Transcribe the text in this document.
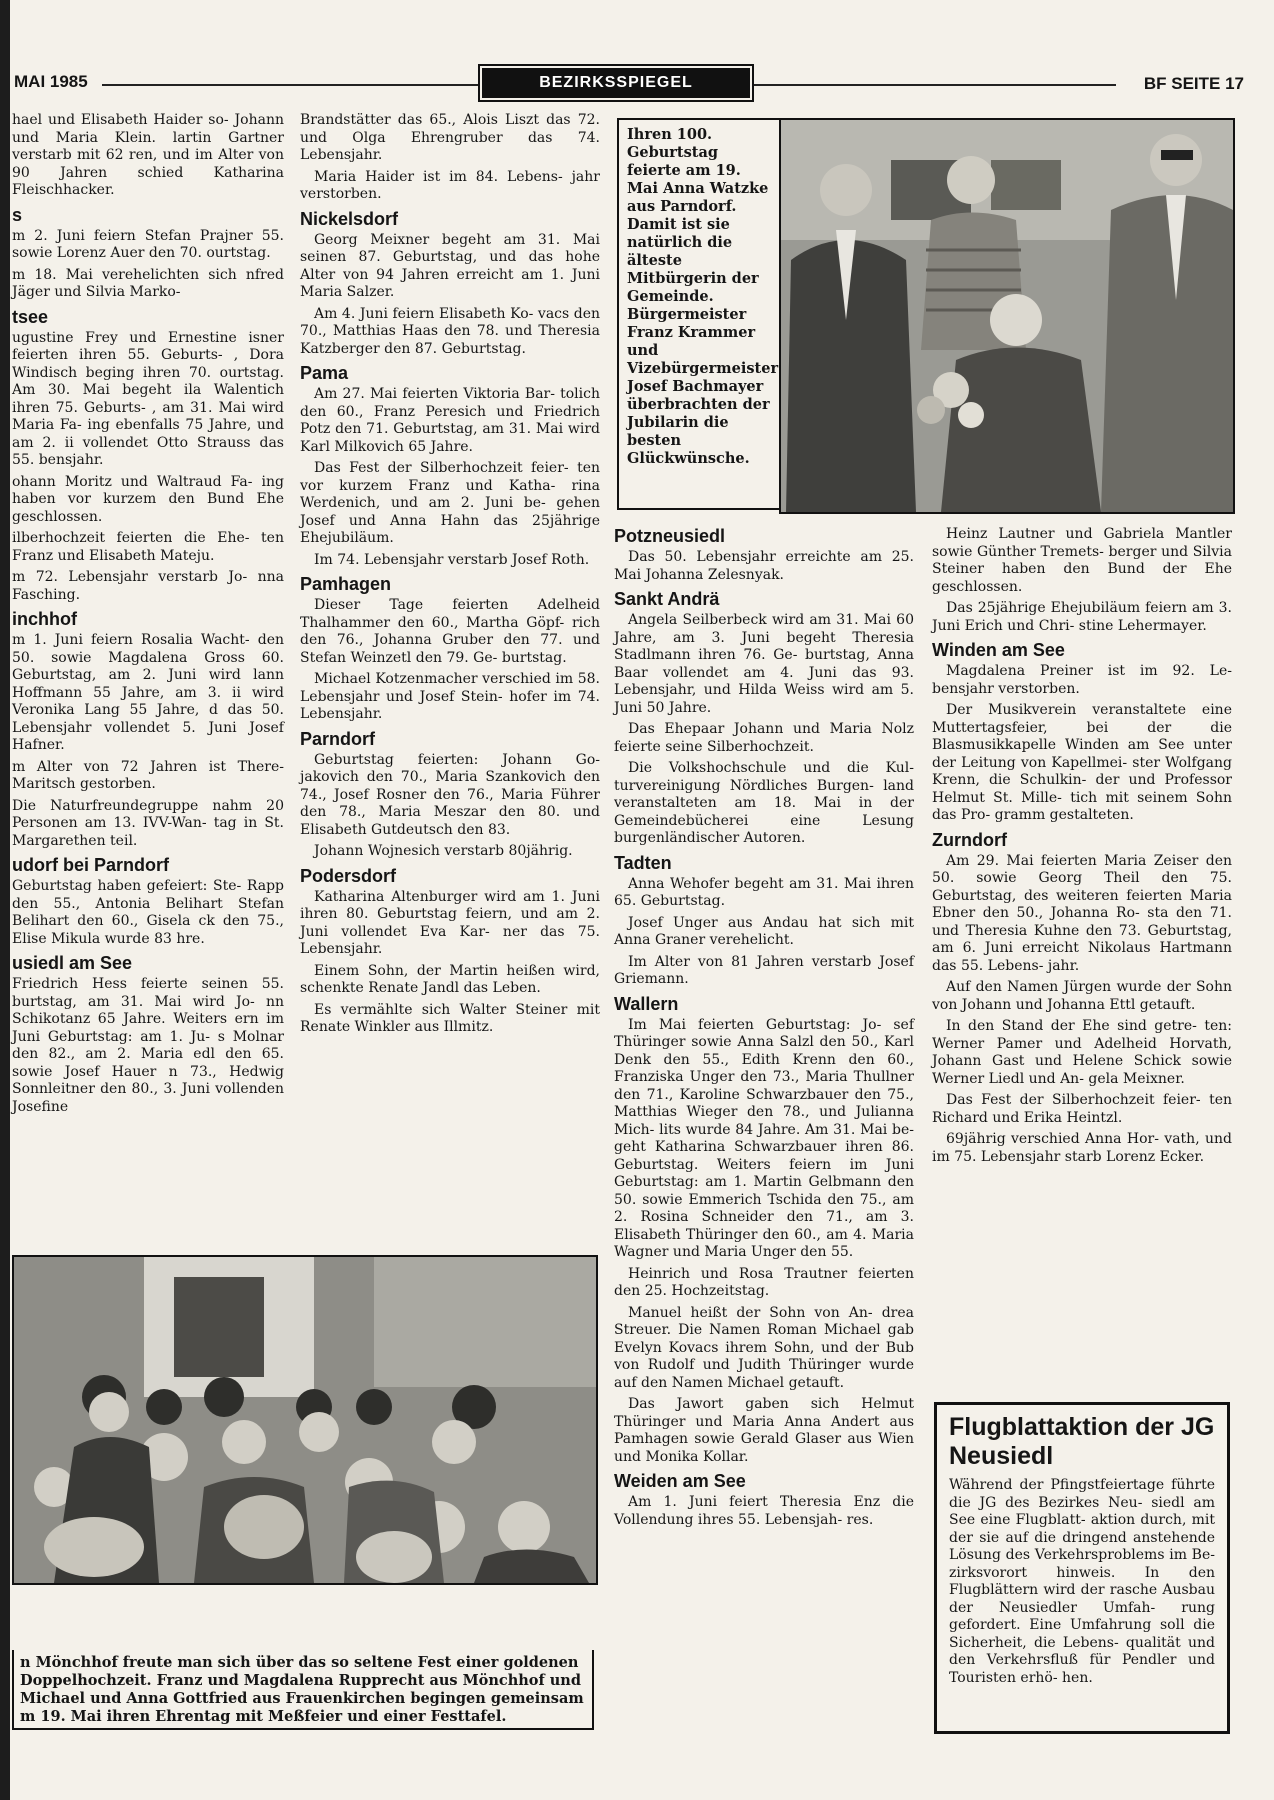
MAI 1985	BEZIRKSSPIEGEL	BF SEITE 17

hael und Elisabeth Haider so- Johann und Maria Klein. lartin Gartner verstarb mit 62 ren, und im Alter von 90 Jahren schied Katharina Fleischhacker.

s

m 2. Juni feiern Stefan Prajner 55. sowie Lorenz Auer den 70. ourtstag.

m 18. Mai verehelichten sich nfred Jäger und Silvia Marko-

tsee

ugustine Frey und Ernestine isner feierten ihren 55. Geburts- , Dora Windisch beging ihren 70. ourtstag. Am 30. Mai begeht ila Walentich ihren 75. Geburts- , am 31. Mai wird Maria Fa- ing ebenfalls 75 Jahre, und am 2. ii vollendet Otto Strauss das 55. bensjahr.

ohann Moritz und Waltraud Fa- ing haben vor kurzem den Bund Ehe geschlossen.

ilberhochzeit feierten die Ehe- ten Franz und Elisabeth Mateju.

m 72. Lebensjahr verstarb Jo- nna Fasching.

inchhof

m 1. Juni feiern Rosalia Wacht- den 50. sowie Magdalena Gross 60. Geburtstag, am 2. Juni wird lann Hoffmann 55 Jahre, am 3. ii wird Veronika Lang 55 Jahre, d das 50. Lebensjahr vollendet 5. Juni Josef Hafner.

m Alter von 72 Jahren ist There- Maritsch gestorben.

Die Naturfreundegruppe nahm 20 Personen am 13. IVV-Wan- tag in St. Margarethen teil.

udorf bei Parndorf

Geburtstag haben gefeiert: Ste- Rapp den 55., Antonia Belihart Stefan Belihart den 60., Gisela ck den 75., Elise Mikula wurde 83 hre.

usiedl am See

Friedrich Hess feierte seinen 55. burtstag, am 31. Mai wird Jo- nn Schikotanz 65 Jahre. Weiters ern im Juni Geburtstag: am 1. Ju- s Molnar den 82., am 2. Maria edl den 65. sowie Josef Hauer n 73., Hedwig Sonnleitner den 80., 3. Juni vollenden Josefine

Brandstätter das 65., Alois Liszt das 72. und Olga Ehrengruber das 74. Lebensjahr.

Maria Haider ist im 84. Lebens- jahr verstorben.

Nickelsdorf

Georg Meixner begeht am 31. Mai seinen 87. Geburtstag, und das hohe Alter von 94 Jahren erreicht am 1. Juni Maria Salzer.

Am 4. Juni feiern Elisabeth Ko- vacs den 70., Matthias Haas den 78. und Theresia Katzberger den 87. Geburtstag.

Pama

Am 27. Mai feierten Viktoria Bar- tolich den 60., Franz Peresich und Friedrich Potz den 71. Geburtstag, am 31. Mai wird Karl Milkovich 65 Jahre.

Das Fest der Silberhochzeit feier- ten vor kurzem Franz und Katha- rina Werdenich, und am 2. Juni be- gehen Josef und Anna Hahn das 25jährige Ehejubiläum.

Im 74. Lebensjahr verstarb Josef Roth.

Pamhagen

Dieser Tage feierten Adelheid Thalhammer den 60., Martha Göpf- rich den 76., Johanna Gruber den 77. und Stefan Weinzetl den 79. Ge- burtstag.

Michael Kotzenmacher verschied im 58. Lebensjahr und Josef Stein- hofer im 74. Lebensjahr.

Parndorf

Geburtstag feierten: Johann Go- jakovich den 70., Maria Szankovich den 74., Josef Rosner den 76., Maria Führer den 78., Maria Meszar den 80. und Elisabeth Gutdeutsch den 83.

Johann Wojnesich verstarb 80jährig.

Podersdorf

Katharina Altenburger wird am 1. Juni ihren 80. Geburtstag feiern, und am 2. Juni vollendet Eva Kar- ner das 75. Lebensjahr.

Einem Sohn, der Martin heißen wird, schenkte Renate Jandl das Leben.

Es vermählte sich Walter Steiner mit Renate Winkler aus Illmitz.

Ihren 100. Geburtstag feierte am 19. Mai Anna Watzke aus Parndorf. Damit ist sie natürlich die älteste Mitbürgerin der Gemeinde. Bürgermeister Franz Krammer und Vizebürgermeister Josef Bachmayer überbrachten der Jubilarin die besten Glückwünsche.
n Mönchhof freute man sich über das so seltene Fest einer goldenen Doppelhochzeit. Franz und Magdalena Rupprecht aus Mönchhof und Michael und Anna Gottfried aus Frauenkirchen begingen gemeinsam m 19. Mai ihren Ehrentag mit Meßfeier und einer Festtafel.
Potzneusiedl

Das 50. Lebensjahr erreichte am 25. Mai Johanna Zelesnyak.

Sankt Andrä

Angela Seilberbeck wird am 31. Mai 60 Jahre, am 3. Juni begeht Theresia Stadlmann ihren 76. Ge- burtstag, Anna Baar vollendet am 4. Juni das 93. Lebensjahr, und Hilda Weiss wird am 5. Juni 50 Jahre.

Das Ehepaar Johann und Maria Nolz feierte seine Silberhochzeit.

Die Volkshochschule und die Kul- turvereinigung Nördliches Burgen- land veranstalteten am 18. Mai in der Gemeindebücherei eine Lesung burgenländischer Autoren.

Tadten

Anna Wehofer begeht am 31. Mai ihren 65. Geburtstag.

Josef Unger aus Andau hat sich mit Anna Graner verehelicht.

Im Alter von 81 Jahren verstarb Josef Griemann.

Wallern

Im Mai feierten Geburtstag: Jo- sef Thüringer sowie Anna Salzl den 50., Karl Denk den 55., Edith Krenn den 60., Franziska Unger den 73., Maria Thullner den 71., Karoline Schwarzbauer den 75., Matthias Wieger den 78., und Julianna Mich- lits wurde 84 Jahre. Am 31. Mai be- geht Katharina Schwarzbauer ihren 86. Geburtstag. Weiters feiern im Juni Geburtstag: am 1. Martin Gelbmann den 50. sowie Emmerich Tschida den 75., am 2. Rosina Schneider den 71., am 3. Elisabeth Thüringer den 60., am 4. Maria Wagner und Maria Unger den 55.

Heinrich und Rosa Trautner feierten den 25. Hochzeitstag.

Manuel heißt der Sohn von An- drea Streuer. Die Namen Roman Michael gab Evelyn Kovacs ihrem Sohn, und der Bub von Rudolf und Judith Thüringer wurde auf den Namen Michael getauft.

Das Jawort gaben sich Helmut Thüringer und Maria Anna Andert aus Pamhagen sowie Gerald Glaser aus Wien und Monika Kollar.

Weiden am See

Am 1. Juni feiert Theresia Enz die Vollendung ihres 55. Lebensjah- res.

Heinz Lautner und Gabriela Mantler sowie Günther Tremets- berger und Silvia Steiner haben den Bund der Ehe geschlossen.

Das 25jährige Ehejubiläum feiern am 3. Juni Erich und Chri- stine Lehermayer.

Winden am See

Magdalena Preiner ist im 92. Le- bensjahr verstorben.

Der Musikverein veranstaltete eine Muttertagsfeier, bei der die Blasmusikkapelle Winden am See unter der Leitung von Kapellmei- ster Wolfgang Krenn, die Schulkin- der und Professor Helmut St. Mille- tich mit seinem Sohn das Pro- gramm gestalteten.

Zurndorf

Am 29. Mai feierten Maria Zeiser den 50. sowie Georg Theil den 75. Geburtstag, des weiteren feierten Maria Ebner den 50., Johanna Ro- sta den 71. und Theresia Kuhne den 73. Geburtstag, am 6. Juni erreicht Nikolaus Hartmann das 55. Lebens- jahr.

Auf den Namen Jürgen wurde der Sohn von Johann und Johanna Ettl getauft.

In den Stand der Ehe sind getre- ten: Werner Pamer und Adelheid Horvath, Johann Gast und Helene Schick sowie Werner Liedl und An- gela Meixner.

Das Fest der Silberhochzeit feier- ten Richard und Erika Heintzl.

69jährig verschied Anna Hor- vath, und im 75. Lebensjahr starb Lorenz Ecker.

Flugblattaktion der JG Neusiedl
Während der Pfingstfeiertage führte die JG des Bezirkes Neu- siedl am See eine Flugblatt- aktion durch, mit der sie auf die dringend anstehende Lösung des Verkehrsproblems im Be- zirksvorort hinweis. In den Flugblättern wird der rasche Ausbau der Neusiedler Umfah- rung gefordert. Eine Umfahrung soll die Sicherheit, die Lebens- qualität und den Verkehrsfluß für Pendler und Touristen erhö- hen.
